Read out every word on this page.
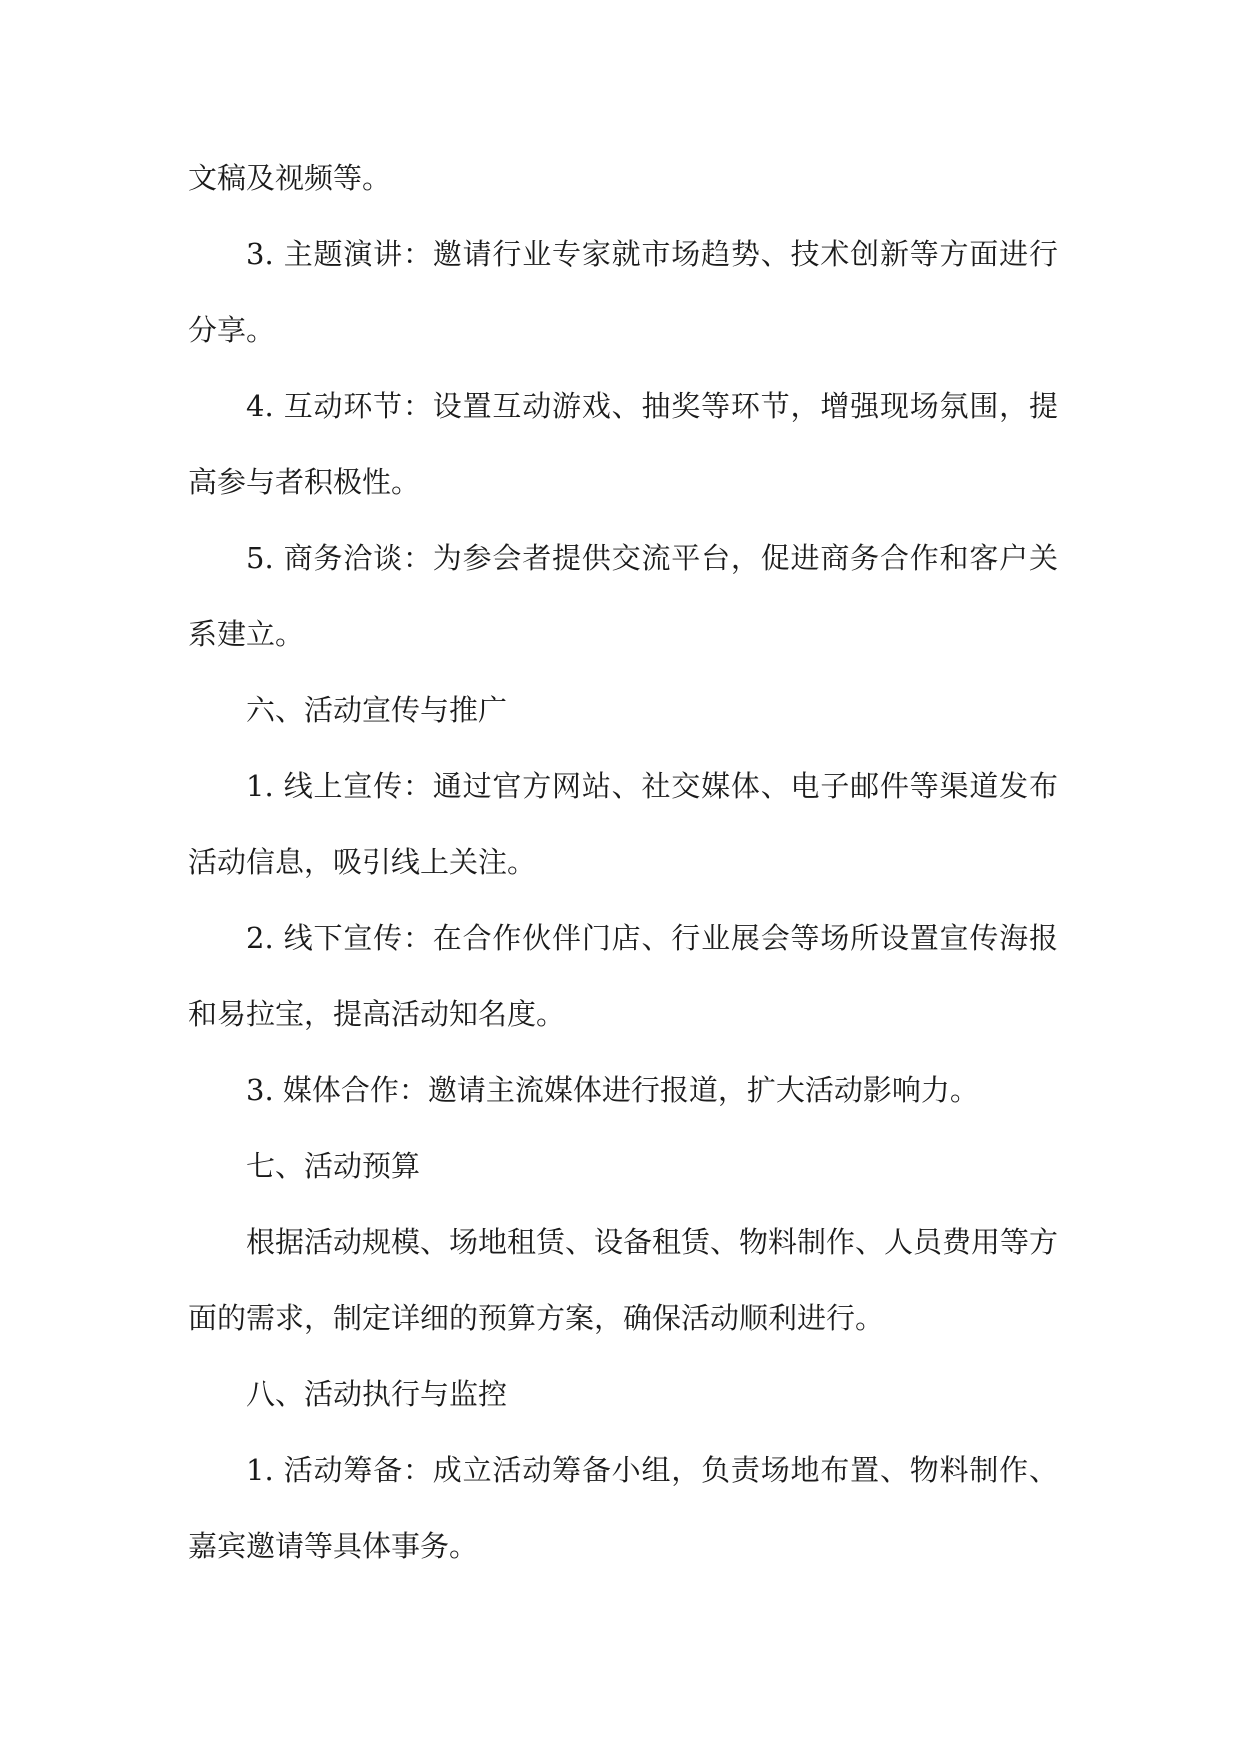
文稿及视频等。

3. 主题演讲：邀请行业专家就市场趋势、技术创新等方面进行分享。

4. 互动环节：设置互动游戏、抽奖等环节，增强现场氛围，提高参与者积极性。

5. 商务洽谈：为参会者提供交流平台，促进商务合作和客户关系建立。

六、活动宣传与推广

1. 线上宣传：通过官方网站、社交媒体、电子邮件等渠道发布活动信息，吸引线上关注。

2. 线下宣传：在合作伙伴门店、行业展会等场所设置宣传海报和易拉宝，提高活动知名度。

3. 媒体合作：邀请主流媒体进行报道，扩大活动影响力。

七、活动预算

根据活动规模、场地租赁、设备租赁、物料制作、人员费用等方面的需求，制定详细的预算方案，确保活动顺利进行。

八、活动执行与监控

1. 活动筹备：成立活动筹备小组，负责场地布置、物料制作、嘉宾邀请等具体事务。
